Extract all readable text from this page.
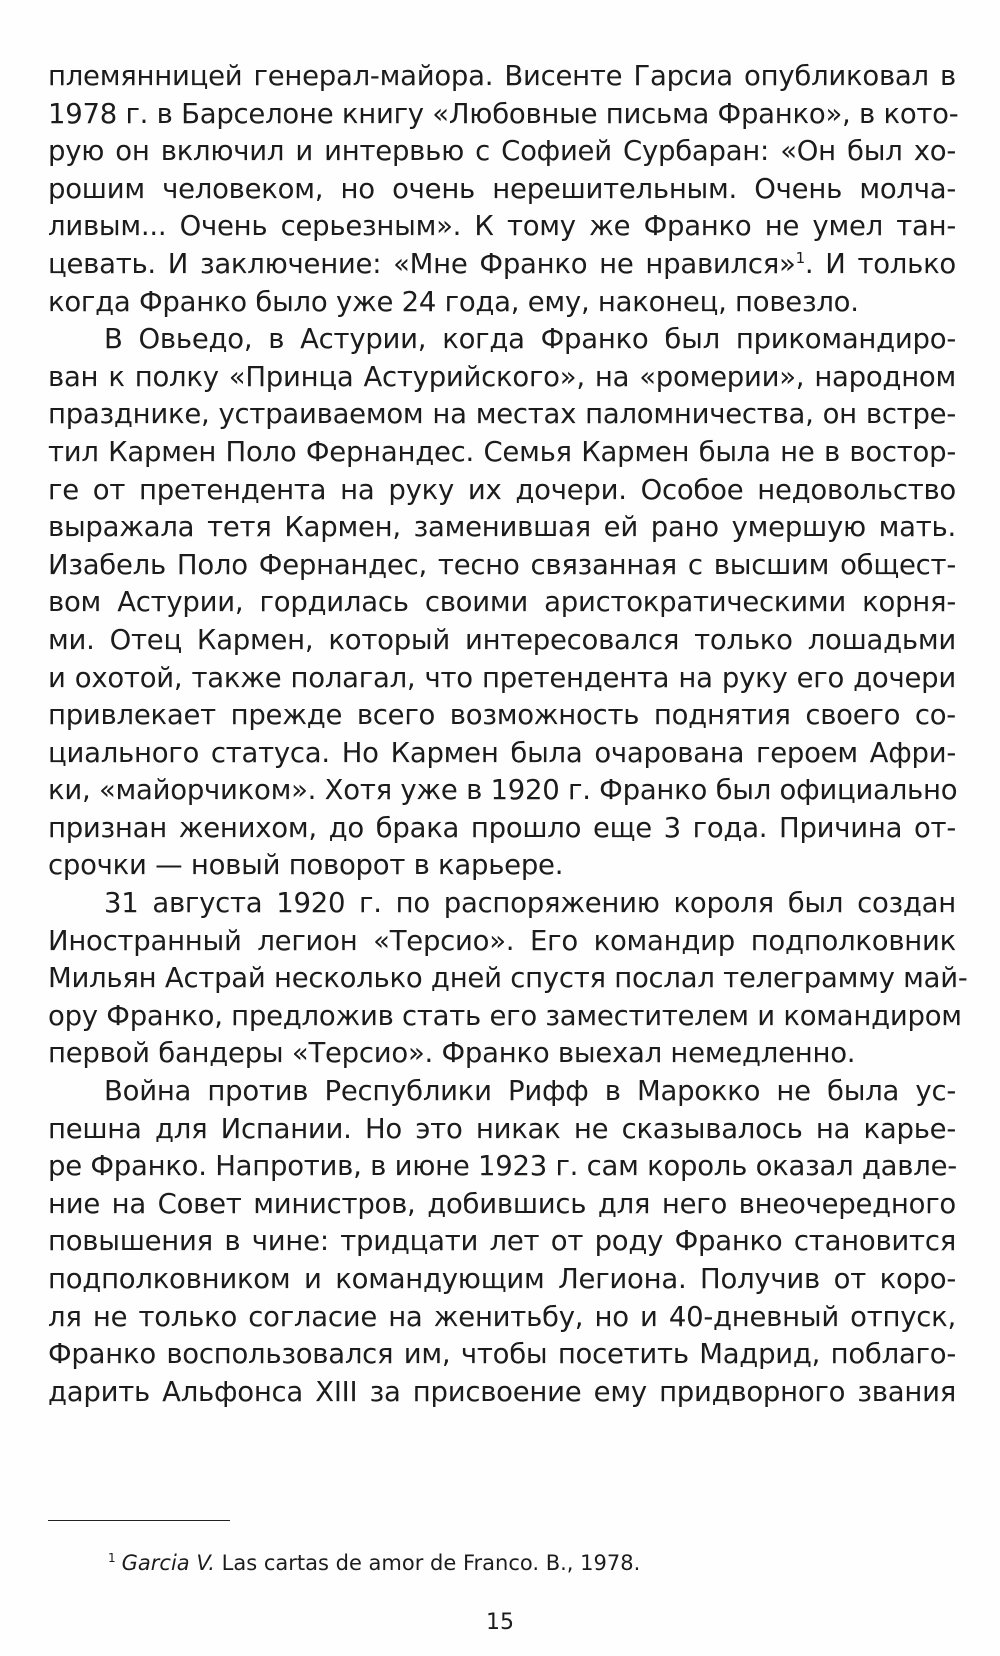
племянницей генерал-майора. Висенте Гарсиа опубликовал в
1978 г. в Барселоне книгу «Любовные письма Франко», в кото-
рую он включил и интервью с Софией Сурбаран: «Он был хо-
рошим человеком, но очень нерешительным. Очень молча-
ливым... Очень серьезным». К тому же Франко не умел тан-
цевать. И заключение: «Мне Франко не нравился»$^1$. И только
когда Франко было уже 24 года, ему, наконец, повезло.
В Овьедо, в Астурии, когда Франко был прикомандиро-
ван к полку «Принца Астурийского», на «ромерии», народном
празднике, устраиваемом на местах паломничества, он встре-
тил Кармен Поло Фернандес. Семья Кармен была не в востор-
ге от претендента на руку их дочери. Особое недовольство
выражала тетя Кармен, заменившая ей рано умершую мать.
Изабель Поло Фернандес, тесно связанная с высшим общест-
вом Астурии, гордилась своими аристократическими корня-
ми. Отец Кармен, который интересовался только лошадьми
и охотой, также полагал, что претендента на руку его дочери
привлекает прежде всего возможность поднятия своего со-
циального статуса. Но Кармен была очарована героем Афри-
ки, «майорчиком». Хотя уже в 1920 г. Франко был официально
признан женихом, до брака прошло еще 3 года. Причина от-
срочки — новый поворот в карьере.
31 августа 1920 г. по распоряжению короля был создан
Иностранный легион «Терсио». Его командир подполковник
Мильян Астрай несколько дней спустя послал телеграмму май-
ору Франко, предложив стать его заместителем и командиром
первой бандеры «Терсио». Франко выехал немедленно.
Война против Республики Рифф в Марокко не была ус-
пешна для Испании. Но это никак не сказывалось на карье-
ре Франко. Напротив, в июне 1923 г. сам король оказал давле-
ние на Совет министров, добившись для него внеочередного
повышения в чине: тридцати лет от роду Франко становится
подполковником и командующим Легиона. Получив от коро-
ля не только согласие на женитьбу, но и 40-дневный отпуск,
Франко воспользовался им, чтобы посетить Мадрид, поблаго-
дарить Альфонса XIII за присвоение ему придворного звания
$^1$ Garcia V. Las cartas de amor de Franco. B., 1978.
15
